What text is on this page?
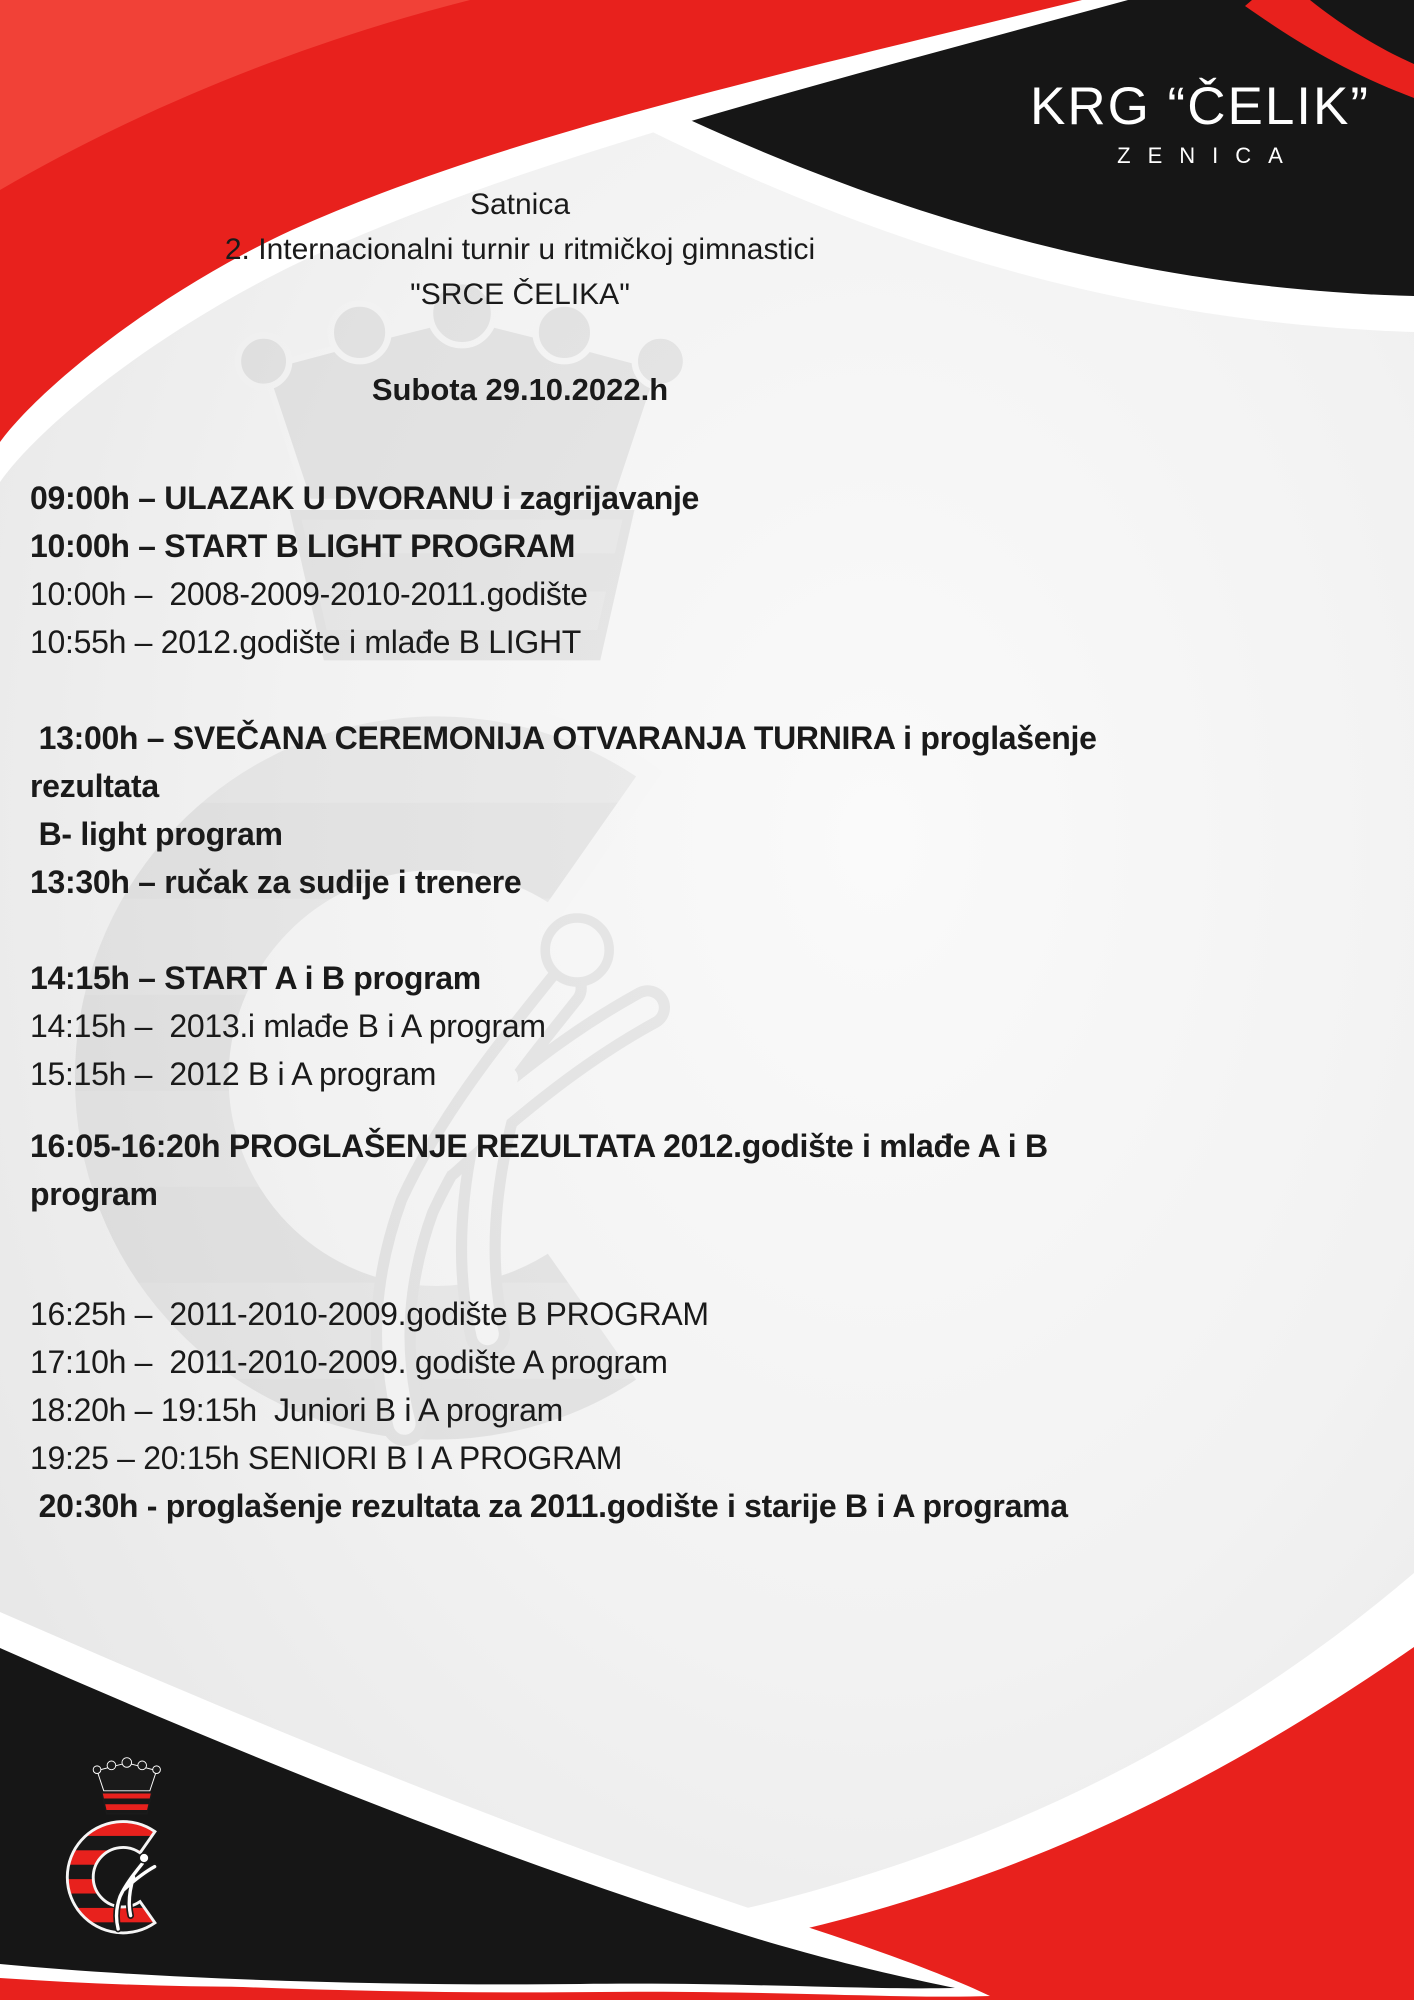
KRG “ČELIK”
ZENICA
Satnica
2. Internacionalni turnir u ritmičkoj gimnastici
"SRCE ČELIKA"
Subota 29.10.2022.h
09:00h – ULAZAK U DVORANU i zagrijavanje
10:00h – START B LIGHT PROGRAM
10:00h –  2008-2009-2010-2011.godište
10:55h – 2012.godište i mlađe B LIGHT

13:00h – SVEČANA CEREMONIJA OTVARANJA TURNIRA i proglašenje
rezultata
B- light program
13:30h – ručak za sudije i trenere

14:15h – START A i B program
14:15h –  2013.i mlađe B i A program
15:15h –  2012 B i A program
16:05-16:20h PROGLAŠENJE REZULTATA 2012.godište i mlađe A i B
program

16:25h –  2011-2010-2009.godište B PROGRAM
17:10h –  2011-2010-2009. godište A program
18:20h – 19:15h  Juniori B i A program
19:25 – 20:15h SENIORI B I A PROGRAM
20:30h - proglašenje rezultata za 2011.godište i starije B i A programa
